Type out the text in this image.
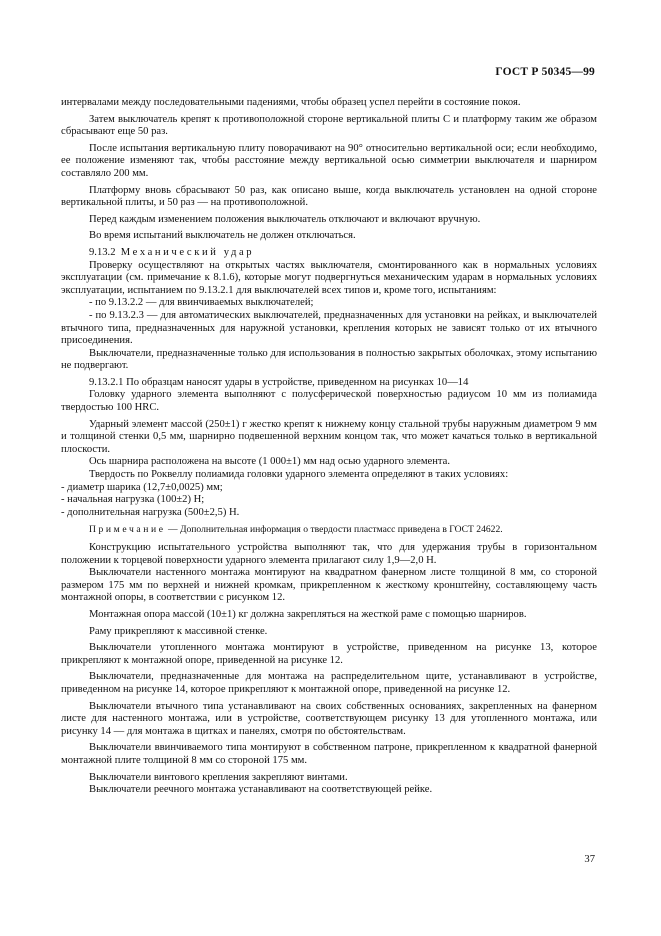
ГОСТ Р 50345—99

интервалами между последовательными падениями, чтобы образец успел перейти в состояние покоя.

Затем выключатель крепят к противоположной стороне вертикальной плиты C и платформу таким же образом сбрасывают еще 50 раз.

После испытания вертикальную плиту поворачивают на 90° относительно вертикальной оси; если необходимо, ее положение изменяют так, чтобы расстояние между вертикальной осью симметрии выключателя и шарниром составляло 200 мм.

Платформу вновь сбрасывают 50 раз, как описано выше, когда выключатель установлен на одной стороне вертикальной плиты, и 50 раз — на противоположной.

Перед каждым изменением положения выключатель отключают и включают вручную.

Во время испытаний выключатель не должен отключаться.

9.13.2 Механический удар

Проверку осуществляют на открытых частях выключателя, смонтированного как в нормальных условиях эксплуатации (см. примечание к 8.1.6), которые могут подвергнуться механическим ударам в нормальных условиях эксплуатации, испытанием по 9.13.2.1 для выключателей всех типов и, кроме того, испытаниям:

- по 9.13.2.2 — для ввинчиваемых выключателей;

- по 9.13.2.3 — для автоматических выключателей, предназначенных для установки на рейках, и выключателей втычного типа, предназначенных для наружной установки, крепления которых не зависят только от их втычного присоединения.

Выключатели, предназначенные только для использования в полностью закрытых оболочках, этому испытанию не подвергают.

9.13.2.1 По образцам наносят удары в устройстве, приведенном на рисунках 10—14

Головку ударного элемента выполняют с полусферической поверхностью радиусом 10 мм из полиамида твердостью 100 HRC.

Ударный элемент массой (250±1) г жестко крепят к нижнему концу стальной трубы наружным диаметром 9 мм и толщиной стенки 0,5 мм, шарнирно подвешенной верхним концом так, что может качаться только в вертикальной плоскости.

Ось шарнира расположена на высоте (1 000±1) мм над осью ударного элемента.

Твердость по Роквеллу полиамида головки ударного элемента определяют в таких условиях:

- диаметр шарика (12,7±0,0025) мм;

- начальная нагрузка (100±2) Н;

- дополнительная нагрузка (500±2,5) Н.

Примечание — Дополнительная информация о твердости пластмасс приведена в ГОСТ 24622.

Конструкцию испытательного устройства выполняют так, что для удержания трубы в горизонтальном положении к торцевой поверхности ударного элемента прилагают силу 1,9—2,0 Н.

Выключатели настенного монтажа монтируют на квадратном фанерном листе толщиной 8 мм, со стороной размером 175 мм по верхней и нижней кромкам, прикрепленном к жесткому кронштейну, составляющему часть монтажной опоры, в соответствии с рисунком 12.

Монтажная опора массой (10±1) кг должна закрепляться на жесткой раме с помощью шарниров.

Раму прикрепляют к массивной стенке.

Выключатели утопленного монтажа монтируют в устройстве, приведенном на рисунке 13, которое прикрепляют к монтажной опоре, приведенной на рисунке 12.

Выключатели, предназначенные для монтажа на распределительном щите, устанавливают в устройстве, приведенном на рисунке 14, которое прикрепляют к монтажной опоре, приведенной на рисунке 12.

Выключатели втычного типа устанавливают на своих собственных основаниях, закрепленных на фанерном листе для настенного монтажа, или в устройстве, соответствующем рисунку 13 для утопленного монтажа, или рисунку 14 — для монтажа в щитках и панелях, смотря по обстоятельствам.

Выключатели ввинчиваемого типа монтируют в собственном патроне, прикрепленном к квадратной фанерной монтажной плите толщиной 8 мм со стороной 175 мм.

Выключатели винтового крепления закрепляют винтами.

Выключатели реечного монтажа устанавливают на соответствующей рейке.

37
